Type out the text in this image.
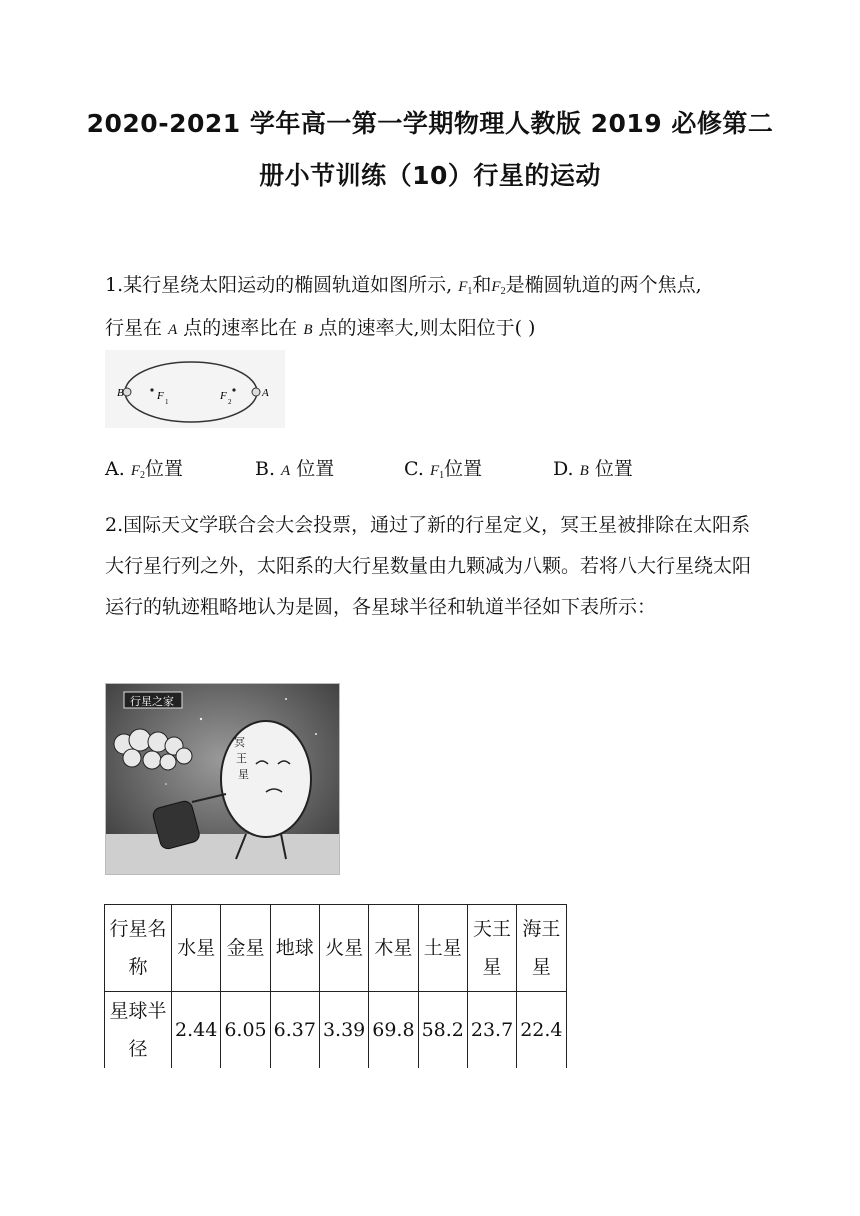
2020-2021 学年高一第一学期物理人教版 2019 必修第二
册小节训练（10）行星的运动

1.某行星绕太阳运动的椭圆轨道如图所示, $F_1$和$F_2$是椭圆轨道的两个焦点,
行星在 A 点的速率比在 B 点的速率大,则太阳位于( )

B	A
F 1	F 2
A. $F_2$位置	B. A 位置	C. $F_1$位置	D. B 位置

2.国际天文学联合会大会投票，通过了新的行星定义，冥王星被排除在太阳系大行星行列之外，太阳系的大行星数量由九颗减为八颗。若将八大行星绕太阳运行的轨迹粗略地认为是圆，各星球半径和轨道半径如下表所示：

行星之家
冥
王
星
行星名称	水星	金星	地球	火星	木星	土星	天王星	海王星
星球半径	2.44	6.05	6.37	3.39	69.8	58.2	23.7	22.4
